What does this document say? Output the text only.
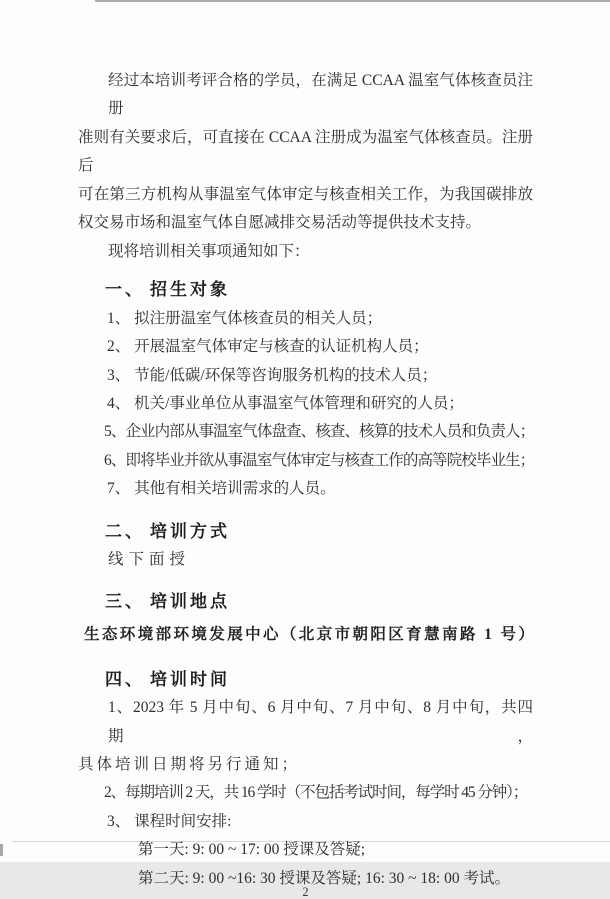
经过本培训考评合格的学员，在满足 CCAA 温室气体核查员注册
准则有关要求后，可直接在 CCAA 注册成为温室气体核查员。注册后
可在第三方机构从事温室气体审定与核查相关工作，为我国碳排放
权交易市场和温室气体自愿减排交易活动等提供技术支持。
现将培训相关事项通知如下：
一、 招生对象
1、 拟注册温室气体核查员的相关人员；
2、 开展温室气体审定与核查的认证机构人员；
3、 节能/低碳/环保等咨询服务机构的技术人员；
4、 机关/事业单位从事温室气体管理和研究的人员；
5、企业内部从事温室气体盘查、核查、核算的技术人员和负责人；
6、即将毕业并欲从事温室气体审定与核查工作的高等院校毕业生；
7、 其他有相关培训需求的人员。
二、 培训方式
线下面授
三、 培训地点
生态环境部环境发展中心（北京市朝阳区育慧南路 1 号）
四、 培训时间
1、2023 年 5 月中旬、6 月中旬、7 月中旬、8 月中旬，共四期，
具体培训日期将另行通知；
2、每期培训 2 天，共 16 学时（不包括考试时间，每学时 45 分钟）；
3、 课程时间安排:
第一天: 9: 00 ~ 17: 00 授课及答疑;
第二天: 9: 00 ~16: 30 授课及答疑; 16: 30 ~ 18: 00 考试。
2
